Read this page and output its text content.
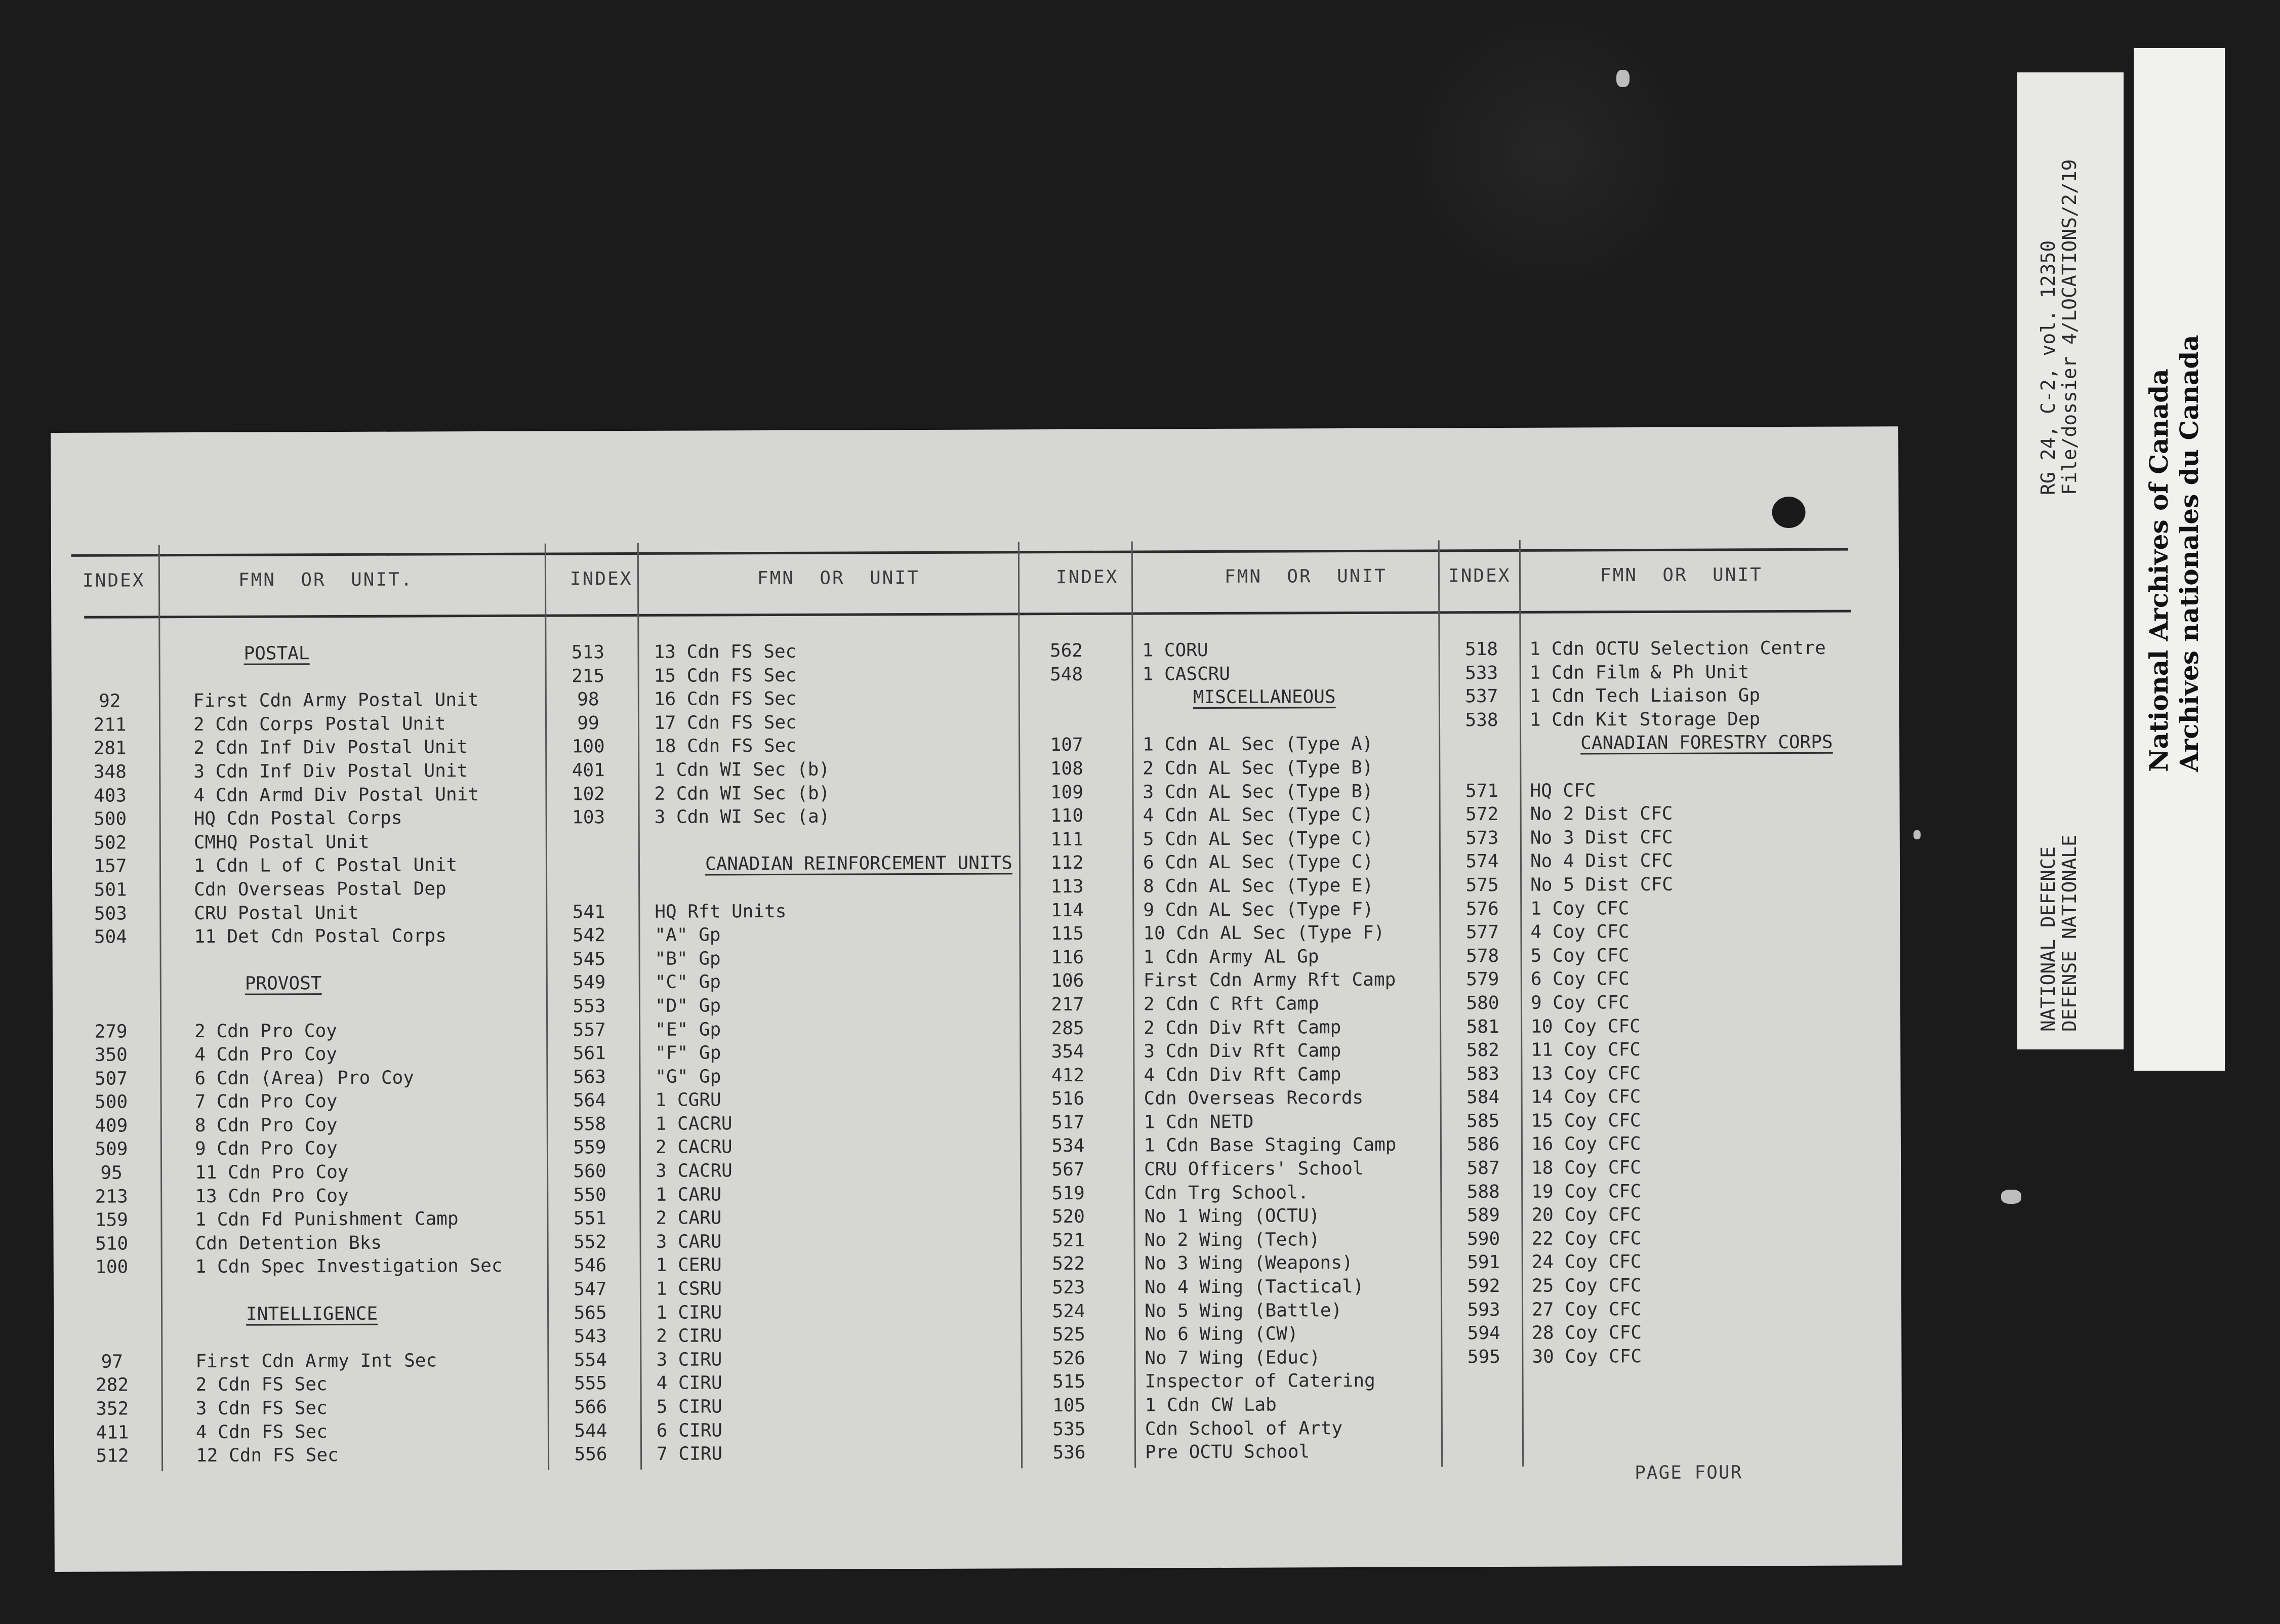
INDEX	FMN  OR  UNIT.	INDEX	FMN  OR  UNIT	INDEX	FMN  OR  UNIT	INDEX	FMN  OR  UNIT
POSTAL
92	First Cdn Army Postal Unit
211	2 Cdn Corps Postal Unit
281	2 Cdn Inf Div Postal Unit
348	3 Cdn Inf Div Postal Unit
403	4 Cdn Armd Div Postal Unit
500	HQ Cdn Postal Corps
502	CMHQ Postal Unit
157	1 Cdn L of C Postal Unit
501	Cdn Overseas Postal Dep
503	CRU Postal Unit
504	11 Det Cdn Postal Corps
PROVOST
279	2 Cdn Pro Coy
350	4 Cdn Pro Coy
507	6 Cdn (Area) Pro Coy
500	7 Cdn Pro Coy
409	8 Cdn Pro Coy
509	9 Cdn Pro Coy
95	11 Cdn Pro Coy
213	13 Cdn Pro Coy
159	1 Cdn Fd Punishment Camp
510	Cdn Detention Bks
100	1 Cdn Spec Investigation Sec
INTELLIGENCE
97	First Cdn Army Int Sec
282	2 Cdn FS Sec
352	3 Cdn FS Sec
411	4 Cdn FS Sec
512	12 Cdn FS Sec
513	13 Cdn FS Sec
215	15 Cdn FS Sec
98	16 Cdn FS Sec
99	17 Cdn FS Sec
100	18 Cdn FS Sec
401	1 Cdn WI Sec (b)
102	2 Cdn WI Sec (b)
103	3 Cdn WI Sec (a)
CANADIAN REINFORCEMENT UNITS
541	HQ Rft Units
542	"A" Gp
545	"B" Gp
549	"C" Gp
553	"D" Gp
557	"E" Gp
561	"F" Gp
563	"G" Gp
564	1 CGRU
558	1 CACRU
559	2 CACRU
560	3 CACRU
550	1 CARU
551	2 CARU
552	3 CARU
546	1 CERU
547	1 CSRU
565	1 CIRU
543	2 CIRU
554	3 CIRU
555	4 CIRU
566	5 CIRU
544	6 CIRU
556	7 CIRU
562	1 CORU
548	1 CASCRU
MISCELLANEOUS
107	1 Cdn AL Sec (Type A)
108	2 Cdn AL Sec (Type B)
109	3 Cdn AL Sec (Type B)
110	4 Cdn AL Sec (Type C)
111	5 Cdn AL Sec (Type C)
112	6 Cdn AL Sec (Type C)
113	8 Cdn AL Sec (Type E)
114	9 Cdn AL Sec (Type F)
115	10 Cdn AL Sec (Type F)
116	1 Cdn Army AL Gp
106	First Cdn Army Rft Camp
217	2 Cdn C Rft Camp
285	2 Cdn Div Rft Camp
354	3 Cdn Div Rft Camp
412	4 Cdn Div Rft Camp
516	Cdn Overseas Records
517	1 Cdn NETD
534	1 Cdn Base Staging Camp
567	CRU Officers' School
519	Cdn Trg School.
520	No 1 Wing (OCTU)
521	No 2 Wing (Tech)
522	No 3 Wing (Weapons)
523	No 4 Wing (Tactical)
524	No 5 Wing (Battle)
525	No 6 Wing (CW)
526	No 7 Wing (Educ)
515	Inspector of Catering
105	1 Cdn CW Lab
535	Cdn School of Arty
536	Pre OCTU School
518	1 Cdn OCTU Selection Centre
533	1 Cdn Film & Ph Unit
537	1 Cdn Tech Liaison Gp
538	1 Cdn Kit Storage Dep
CANADIAN FORESTRY CORPS
571	HQ CFC
572	No 2 Dist CFC
573	No 3 Dist CFC
574	No 4 Dist CFC
575	No 5 Dist CFC
576	1 Coy CFC
577	4 Coy CFC
578	5 Coy CFC
579	6 Coy CFC
580	9 Coy CFC
581	10 Coy CFC
582	11 Coy CFC
583	13 Coy CFC
584	14 Coy CFC
585	15 Coy CFC
586	16 Coy CFC
587	18 Coy CFC
588	19 Coy CFC
589	20 Coy CFC
590	22 Coy CFC
591	24 Coy CFC
592	25 Coy CFC
593	27 Coy CFC
594	28 Coy CFC
595	30 Coy CFC
PAGE FOUR
RG 24, C-2, vol. 12350
File/dossier 4/LOCATIONS/2/19
NATIONAL DEFENCE
DEFENSE NATIONALE
National Archives of Canada Archives nationales du Canada
